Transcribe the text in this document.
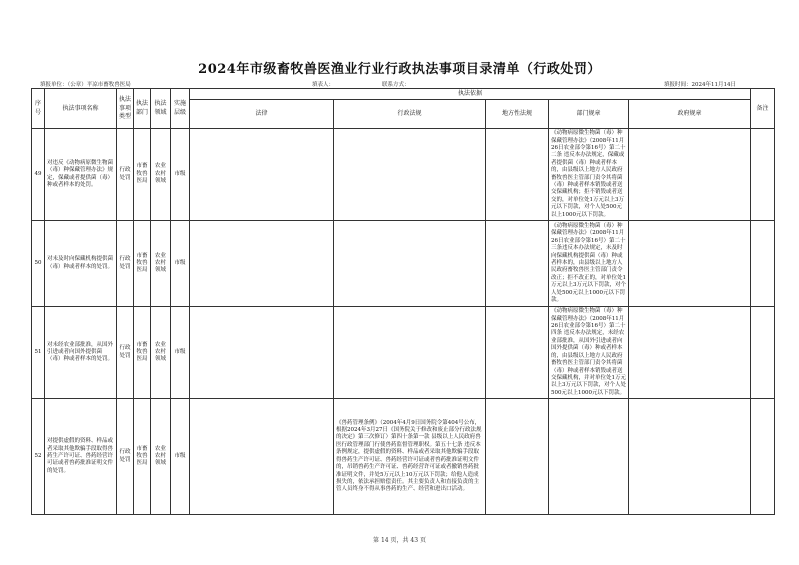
2024年市级畜牧兽医渔业行业行政执法事项目录清单（行政处罚）
填报单位：（公章）平凉市畜牧兽医局	填表人：	联系方式：	填报时间：2024年11月14日
序号	执法事项名称	执法事项类型	执法部门	执法领域	实施层级	执法依据					备注
						法律	行政法规	地方性法规	部门规章	政府规章	
49	对违反《动物病原微生物菌（毒）种保藏管理办法》规定，保藏或者提供菌（毒）种或者样本的处罚。	行政处罚	市畜牧兽医局	农业农村领域	市级				《动物病原微生物菌（毒）种保藏管理办法》（2008年11月26日农业部令第16号）第二十二条 违反本办法规定，保藏或者提供菌（毒）种或者样本的，由县级以上地方人民政府畜牧兽医主管部门责令其将菌（毒）种或者样本销毁或者送交保藏机构；拒不销毁或者送交的，对单位处1万元以上3万元以下罚款，对个人处500元以上1000元以下罚款。		
50	对未及时向保藏机构提供菌（毒）种或者样本的处罚。	行政处罚	市畜牧兽医局	农业农村领域	市级				《动物病原微生物菌（毒）种保藏管理办法》（2008年11月26日农业部令第16号）第二十三条违反本办法规定，未及时向保藏机构提供菌（毒）种或者样本的，由县级以上地方人民政府畜牧兽医主管部门责令改正；拒不改正的，对单位处1万元以上3万元以下罚款，对个人处500元以上1000元以下罚款。		
51	对未经农业部批准，从国外引进或者向国外提供菌（毒）种或者样本的处罚。	行政处罚	市畜牧兽医局	农业农村领域	市级				《动物病原微生物菌（毒）种保藏管理办法》（2008年11月26日农业部令第16号）第二十四条 违反本办法规定，未经农业部批准，从国外引进或者向国外提供菌（毒）种或者样本的，由县级以上地方人民政府畜牧兽医主管部门责令其将菌（毒）种或者样本销毁或者送交保藏机构，并对单位处1万元以上3万元以下罚款，对个人处500元以上1000元以下罚款。		
52	对提供虚假的资料、样品或者采取其他欺骗手段取得兽药生产许可证、兽药经营许可证或者兽药批准证明文件的处罚。	行政处罚	市畜牧兽医局	农业农村领域	市级		《兽药管理条例》（2004年4月9日国务院令第404号公布，根据2024年3月27日《国务院关于修改和废止部分行政法规的决定》第三次修订）第四十条第一款 县级以上人民政府兽医行政管理部门行使兽药监督管理职权。第五十七条 违反本条例规定，提供虚假的资料、样品或者采取其他欺骗手段取得兽药生产许可证、兽药经营许可证或者兽药批准证明文件的，吊销兽药生产许可证、兽药经营许可证或者撤销兽药批准证明文件，并处5万元以上10万元以下罚款；给他人造成损失的，依法承担赔偿责任。其主要负责人和直接负责的主管人员终身不得从事兽药的生产、经营和进出口活动。				
第 14 页，共 43 页
